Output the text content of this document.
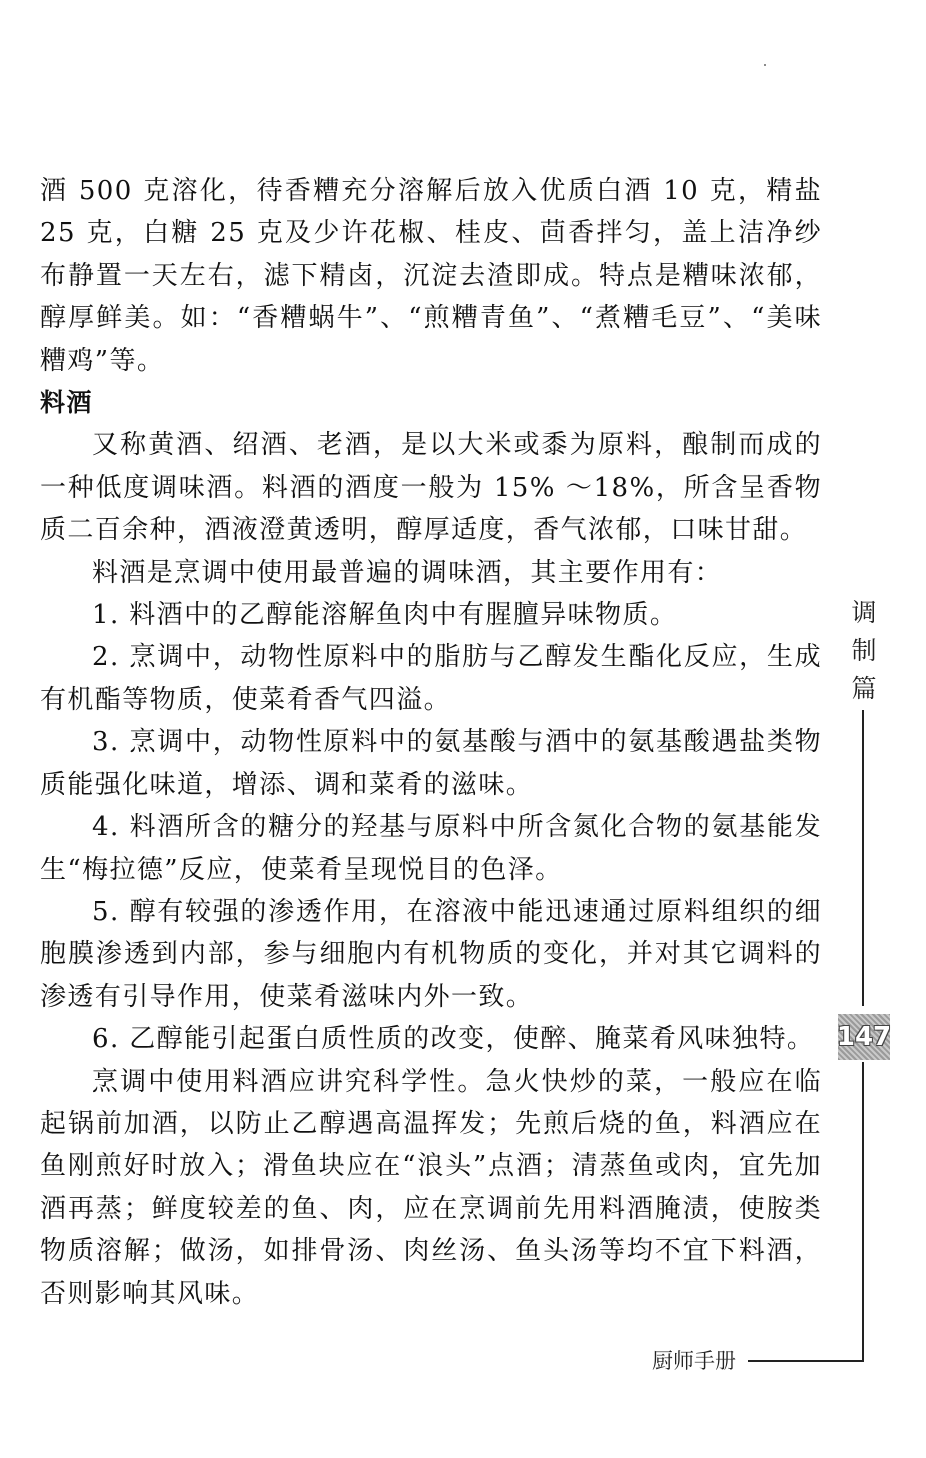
酒 500 克溶化，待香糟充分溶解后放入优质白酒 10 克，精盐 25 克，白糖 25 克及少许花椒、桂皮、茴香拌匀，盖上洁净纱布静置一天左右，滤下精卤，沉淀去渣即成。特点是糟味浓郁，醇厚鲜美。如：“香糟蜗牛”、“煎糟青鱼”、“煮糟毛豆”、“美味糟鸡”等。

料酒

又称黄酒、绍酒、老酒，是以大米或黍为原料，酿制而成的一种低度调味酒。料酒的酒度一般为 15% ～18%，所含呈香物质二百余种，酒液澄黄透明，醇厚适度，香气浓郁，口味甘甜。

料酒是烹调中使用最普遍的调味酒，其主要作用有：

1. 料酒中的乙醇能溶解鱼肉中有腥膻异味物质。

2. 烹调中，动物性原料中的脂肪与乙醇发生酯化反应，生成有机酯等物质，使菜肴香气四溢。

3. 烹调中，动物性原料中的氨基酸与酒中的氨基酸遇盐类物质能强化味道，增添、调和菜肴的滋味。

4. 料酒所含的糖分的羟基与原料中所含氮化合物的氨基能发生“梅拉德”反应，使菜肴呈现悦目的色泽。

5. 醇有较强的渗透作用，在溶液中能迅速通过原料组织的细胞膜渗透到内部，参与细胞内有机物质的变化，并对其它调料的渗透有引导作用，使菜肴滋味内外一致。

6. 乙醇能引起蛋白质性质的改变，使醉、腌菜肴风味独特。

烹调中使用料酒应讲究科学性。急火快炒的菜，一般应在临起锅前加酒，以防止乙醇遇高温挥发；先煎后烧的鱼，料酒应在鱼刚煎好时放入；滑鱼块应在“浪头”点酒；清蒸鱼或肉，宜先加酒再蒸；鲜度较差的鱼、肉，应在烹调前先用料酒腌渍，使胺类物质溶解；做汤，如排骨汤、肉丝汤、鱼头汤等均不宜下料酒，否则影响其风味。

调
制
篇
147
厨师手册
